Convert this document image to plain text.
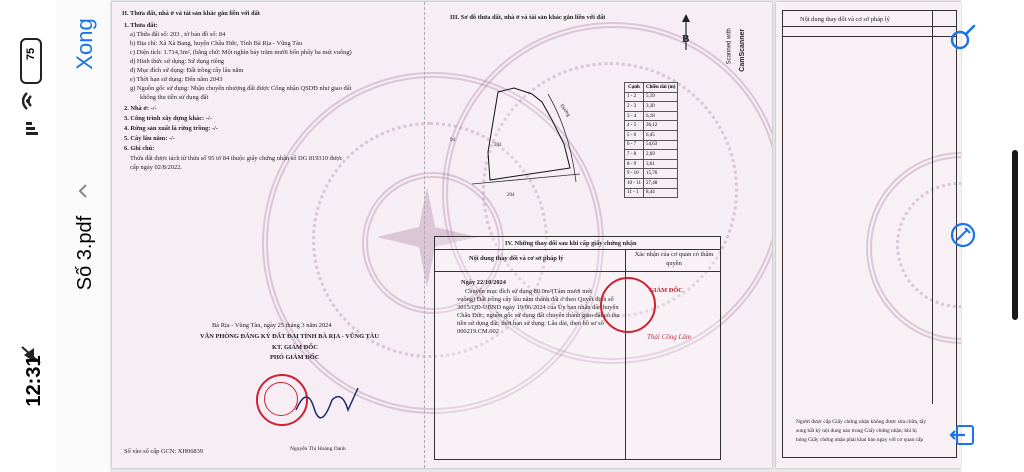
12:31
75 Xong
Số 3.pdf
II. Thửa đất, nhà ở và tài sản khác gắn liền với đất
1. Thửa đất:
a) Thửa đất số: 203 , tờ bản đồ số: 84
b) Địa chỉ: Xã Xà Bang, huyện Châu Đức, Tỉnh Bà Rịa - Vũng Tàu
c) Diện tích: 1.714,3m², (bằng chữ: Một nghìn bảy trăm mười bốn phẩy ba mét vuông)
d) Hình thức sử dụng: Sử dụng riêng
đ) Mục đích sử dụng: Đất trồng cây lâu năm
e) Thời hạn sử dụng: Đến năm 2043
g) Nguồn gốc sử dụng: Nhận chuyển nhượng đất được Công nhận QSDĐ như giao đất
không thu tiền sử dụng đất
2. Nhà ở: -/-
3. Công trình xây dựng khác: -/-
4. Rừng sản xuất là rừng trồng: -/-
5. Cây lâu năm: -/-
6. Ghi chú:
Thửa đất được tách từ thửa số 95 tờ 84 thuộc giấy chứng nhận số DG 819310 được
cấp ngày 02/8/2022.
Bà Rịa - Vũng Tàu, ngày 25 tháng 3 năm 2024
VĂN PHÒNG ĐĂNG KÝ ĐẤT ĐAI TỈNH BÀ RỊA - VŨNG TÀU
KT. GIÁM ĐỐC
PHÓ GIÁM ĐỐC
Nguyễn Thị Hoàng Oanh
Số vào sổ cấp GCN: XH06839
III. Sơ đồ thửa đất, nhà ở và tài sản khác gắn liền với đất
B
Đường
94
204
203
Cạnh	Chiều dài (m)
1 - 2	5,19
2 - 3	3,30
3 - 4	6,18
4 - 5	36,12
5 - 6	6,45
6 - 7	54,63
7 - 8	2,69
8 - 9	3,61
9 - 10	15,76
10 - 11	27,48
11 - 1	8,44
Scanned with CamScanner
IV. Những thay đổi sau khi cấp giấy chứng nhận
Nội dung thay đổi và cơ sở pháp lý
Xác nhận của cơ quan có thẩm quyền
Ngày 22/10/2024
Chuyển mục đích sử dụng 80.0m²(Tám mươi mét
vuông) Đất trồng cây lâu năm thành đất ở theo Quyết định số
3015/QĐ-UBND ngày 19/06/2024 của Ủy ban nhân dân huyện
Châu Đức; nguồn gốc sử dụng đất chuyển thành giao đất có thu
tiền sử dụng đất; thời hạn sử dụng: Lâu dài, theo hồ sơ số
000219.CM.002
GIÁM ĐỐC
Thái Công Lâm
Nội dung thay đổi và cơ sở pháp lý
Người được cấp Giấy chứng nhận không được sửa chữa, tẩy
sung bất kỳ nội dung nào trong Giấy chứng nhận; khi bị
hỏng Giấy chứng nhận phải khai báo ngay với cơ quan cấp
